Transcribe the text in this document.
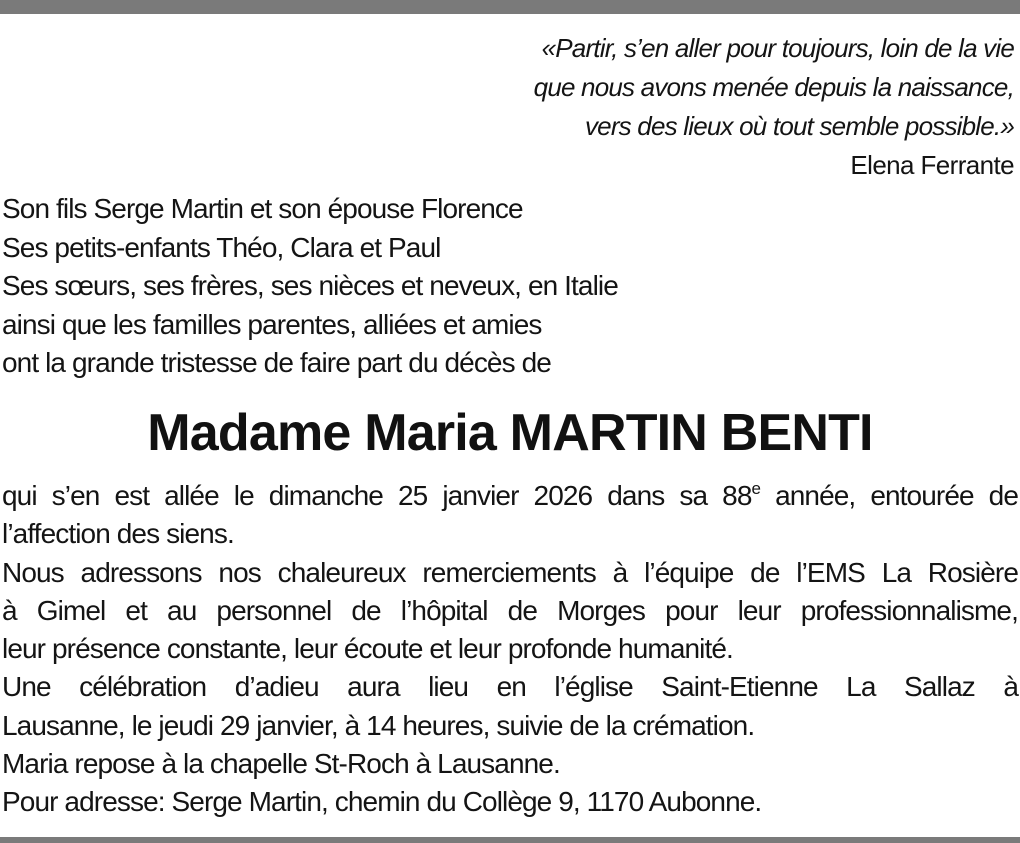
«Partir, s’en aller pour toujours, loin de la vie
que nous avons menée depuis la naissance,
vers des lieux où tout semble possible.»
Elena Ferrante
Son fils Serge Martin et son épouse Florence
Ses petits-enfants Théo, Clara et Paul
Ses sœurs, ses frères, ses nièces et neveux, en Italie
ainsi que les familles parentes, alliées et amies
ont la grande tristesse de faire part du décès de
Madame Maria MARTIN BENTI
qui s’en est allée le dimanche 25 janvier 2026 dans sa 88e année, entourée de
l’affection des siens.
Nous adressons nos chaleureux remerciements à l’équipe de l’EMS La Rosière
à Gimel et au personnel de l’hôpital de Morges pour leur professionnalisme,
leur présence constante, leur écoute et leur profonde humanité.
Une célébration d’adieu aura lieu en l’église Saint-Etienne La Sallaz à
Lausanne, le jeudi 29 janvier, à 14 heures, suivie de la crémation.
Maria repose à la chapelle St-Roch à Lausanne.
Pour adresse: Serge Martin, chemin du Collège 9, 1170 Aubonne.
